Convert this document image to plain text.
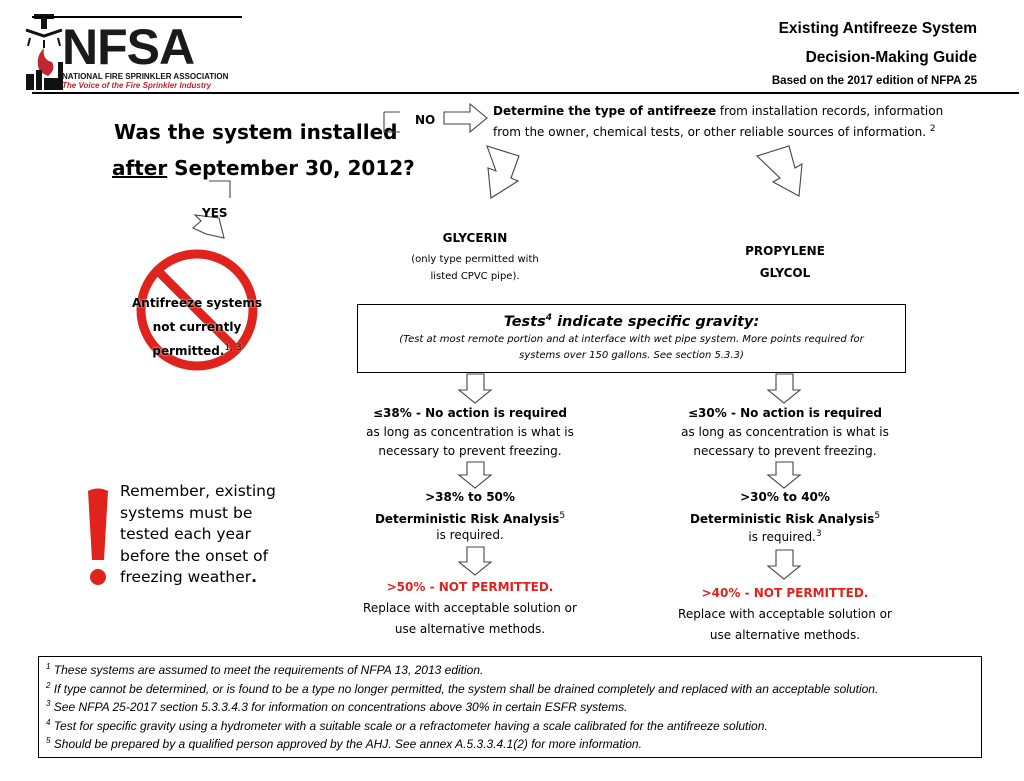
NFSA
NATIONAL FIRE SPRINKLER ASSOCIATION
The Voice of the Fire Sprinkler Industry
Existing Antifreeze System
Decision-Making Guide
Based on the 2017 edition of NFPA 25
Was the system installed
after September 30, 2012?
NO
YES
Determine the type of antifreeze from installation records, information
from the owner, chemical tests, or other reliable sources of information. $^2$
Antifreeze systems
not currently
permitted.$^{1, 3}$
GLYCERIN
(only type permitted with
listed CPVC pipe).
PROPYLENE
GLYCOL
Tests$^4$ indicate specific gravity:
(Test at most remote portion and at interface with wet pipe system. More points required for
systems over 150 gallons. See section 5.3.3)
≤38% - No action is required
as long as concentration is what is
necessary to prevent freezing.
>38% to 50%
Deterministic Risk Analysis$^5$
is required.
>50% - NOT PERMITTED.
Replace with acceptable solution or
use alternative methods.
≤30% - No action is required
as long as concentration is what is
necessary to prevent freezing.
>30% to 40%
Deterministic Risk Analysis$^5$
is required.$^3$
>40% - NOT PERMITTED.
Replace with acceptable solution or
use alternative methods.
Remember, existing
systems must be
tested each year
before the onset of
freezing weather.

$^1$ These systems are assumed to meet the requirements of NFPA 13, 2013 edition.

$^2$ If type cannot be determined, or is found to be a type no longer permitted, the system shall be drained completely and replaced with an acceptable solution.

$^3$ See NFPA 25-2017 section 5.3.3.4.3 for information on concentrations above 30% in certain ESFR systems.

$^4$ Test for specific gravity using a hydrometer with a suitable scale or a refractometer having a scale calibrated for the antifreeze solution.

$^5$ Should be prepared by a qualified person approved by the AHJ. See annex A.5.3.3.4.1(2) for more information.
